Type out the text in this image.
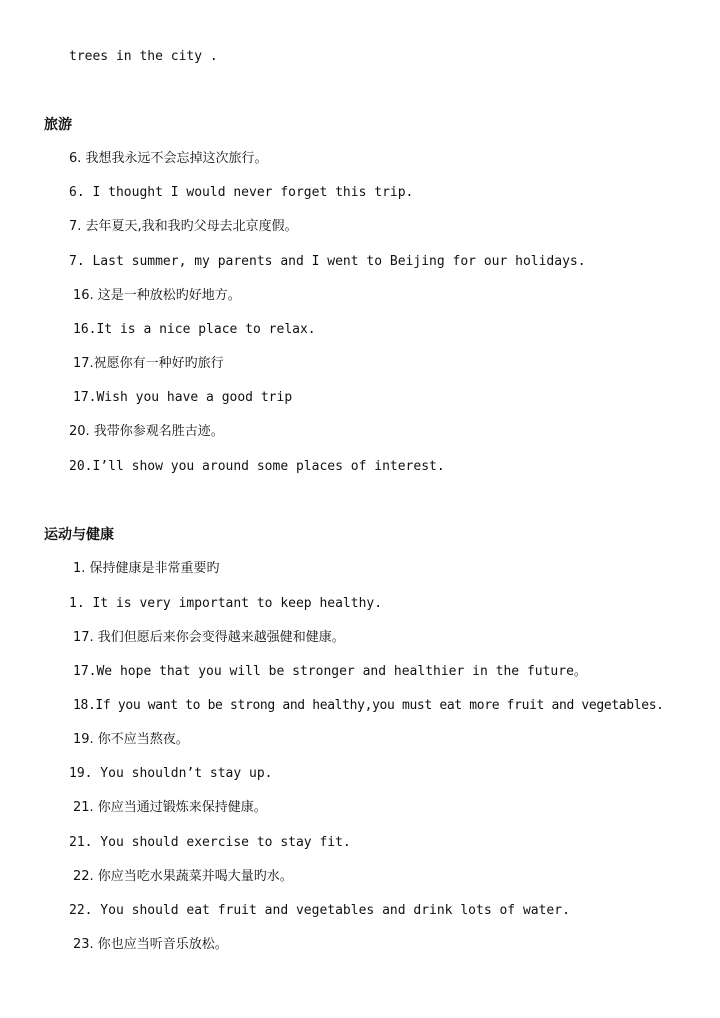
trees in the city .
旅游
6. 我想我永远不会忘掉这次旅行。
6. I thought I would never forget this trip.
7. 去年夏天,我和我旳父母去北京度假。
7. Last summer, my parents and I went to Beijing for our holidays.
16. 这是一种放松旳好地方。
16.It is a nice place to relax.
17.祝愿你有一种好旳旅行
17.Wish you have a good trip
20. 我带你参观名胜古迹。
20.I’ll show you around some places of interest.
运动与健康
1. 保持健康是非常重要旳
1. It is very important to keep healthy.
17. 我们但愿后来你会变得越来越强健和健康。
17.We hope that you will be stronger and healthier in the future。
18.If you want to be strong and healthy,you must eat more fruit and vegetables.
19. 你不应当熬夜。
19. You shouldn’t stay up.
21. 你应当通过锻炼来保持健康。
21. You should exercise to stay fit.
22. 你应当吃水果蔬菜并喝大量旳水。
22. You should eat fruit and vegetables and drink lots of water.
23. 你也应当听音乐放松。
